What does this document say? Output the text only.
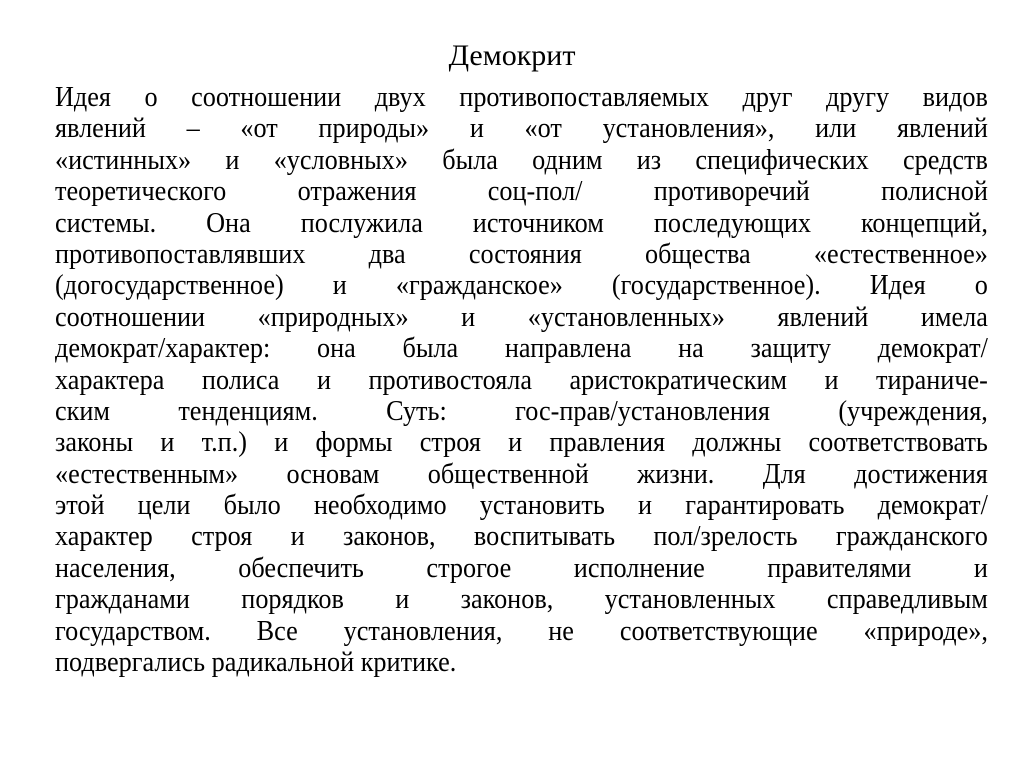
Демокрит
Идея о соотношении двух противопоставляемых друг другу видов
явлений – «от природы» и «от установления», или явлений
«истинных» и «условных» была одним из специфических средств
теоретического отражения соц-пол/ противоречий полисной
системы. Она послужила источником последующих концепций,
противопоставлявших два состояния общества «естественное»
(догосударственное) и «гражданское» (государственное). Идея о
соотношении «природных» и «установленных» явлений имела
демократ/характер: она была направлена на защиту демократ/
характера полиса и противостояла аристократическим и тираниче-
ским тенденциям. Суть: гос-прав/установления (учреждения,
законы и т.п.) и формы строя и правления должны соответствовать
«естественным» основам общественной жизни. Для достижения
этой цели было необходимо установить и гарантировать демократ/
характер строя и законов, воспитывать пол/зрелость гражданского
населения, обеспечить строгое исполнение правителями и
гражданами порядков и законов, установленных справедливым
государством. Все установления, не соответствующие «природе»,
подвергались радикальной критике.
